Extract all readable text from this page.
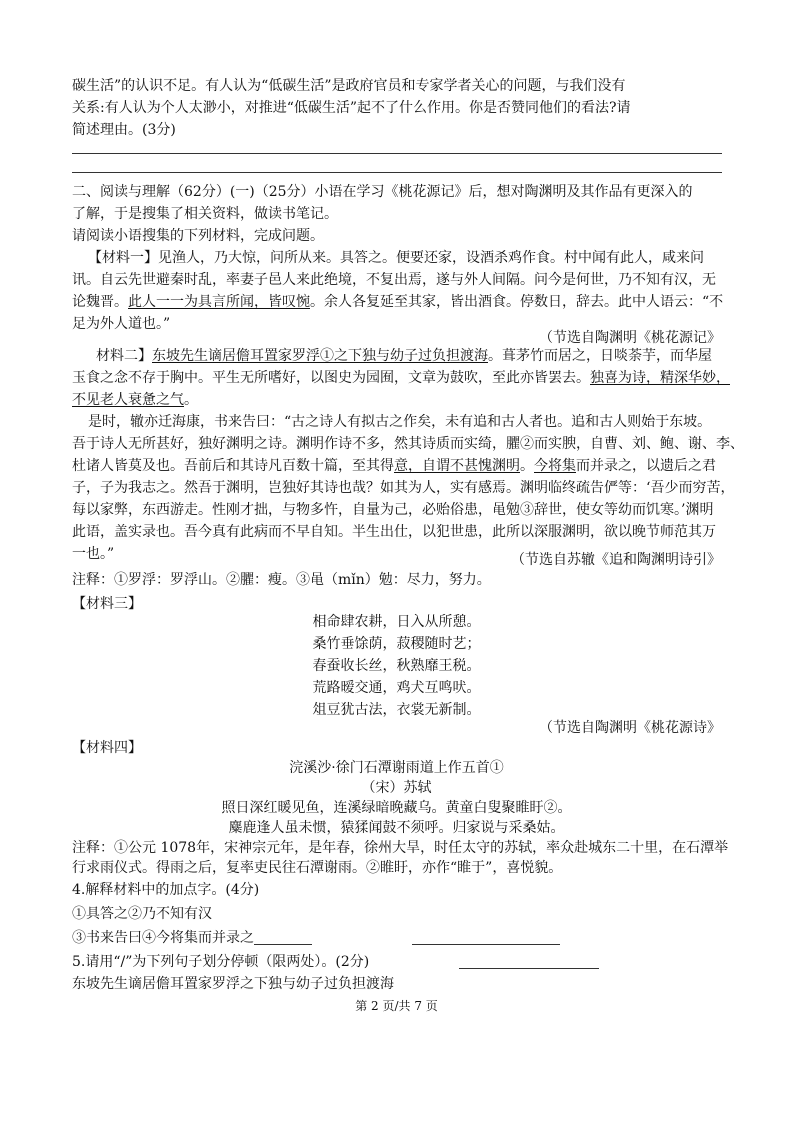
碳生活”的认识不足。有人认为“低碳生活”是政府官员和专家学者关心的问题，与我们没有
关系:有人认为个人太渺小，对推进“低碳生活”起不了什么作用。你是否赞同他们的看法?请
简述理由。(3分)
二、阅读与理解（62分）(一)（25分）小语在学习《桃花源记》后，想对陶渊明及其作品有更深入的
了解，于是搜集了相关资料，做读书笔记。
请阅读小语搜集的下列材料，完成问题。
【材料一】见渔人，乃大惊，问所从来。具答之。便要还家，设酒杀鸡作食。村中闻有此人，咸来问
讯。自云先世避秦时乱，率妻子邑人来此绝境，不复出焉，遂与外人间隔。问今是何世，乃不知有汉，无
论魏晋。此人一一为具言所闻，皆叹惋。余人各复延至其家，皆出酒食。停数日，辞去。此中人语云：“不
足为外人道也。”
（节选自陶渊明《桃花源记》
材料二】东坡先生谪居儋耳置家罗浮①之下独与幼子过负担渡海。葺茅竹而居之，日啖荼芋，而华屋
玉食之念不存于胸中。平生无所嗜好，以图史为园囿，文章为鼓吹，至此亦皆罢去。独喜为诗，精深华妙，
不见老人衰惫之气。
是时，辙亦迁海康，书来告曰：“古之诗人有拟古之作矣，未有追和古人者也。追和古人则始于东坡。
吾于诗人无所甚好，独好渊明之诗。渊明作诗不多，然其诗质而实绮，臞②而实腴，自曹、刘、鲍、谢、李、
杜诸人皆莫及也。吾前后和其诗凡百数十篇，至其得意，自谓不甚愧渊明。今将集而并录之，以遗后之君
子，子为我志之。然吾于渊明，岂独好其诗也哉？如其为人，实有感焉。渊明临终疏告俨等：‘吾少而穷苦，
每以家弊，东西游走。性刚才拙，与物多忤，自量为己，必贻俗患，黾勉③辞世，使女等幼而饥寒。’渊明
此语，盖实录也。吾今真有此病而不早自知。半生出仕，以犯世患，此所以深服渊明，欲以晚节师范其万
一也。”	（节选自苏辙《追和陶渊明诗引》
注释：①罗浮：罗浮山。②臞：瘦。③黾（mǐn）勉：尽力，努力。
【材料三】
相命肆农耕，日入从所憩。
桑竹垂馀荫，菽稷随时艺；
春蚕收长丝，秋熟靡王税。
荒路暧交通，鸡犬互鸣吠。
俎豆犹古法，衣裳无新制。
（节选自陶渊明《桃花源诗》
【材料四】
浣溪沙·徐门石潭谢雨道上作五首①
（宋）苏轼
照日深红暖见鱼，连溪绿暗晚藏乌。黄童白叟聚睢盱②。
麋鹿逢人虽未惯，猿猱闻鼓不须呼。归家说与采桑姑。
注释：①公元 1078年，宋神宗元年，是年春，徐州大旱，时任太守的苏轼，率众赴城东二十里，在石潭举
行求雨仪式。得雨之后，复率吏民往石潭谢雨。②睢盱，亦作“睢于”，喜悦貌。
4.解释材料中的加点字。(4分)
①具答之②乃不知有汉
③书来告曰④今将集而并录之
5.请用“/”为下列句子划分停顿（限两处）。(2分)
东坡先生谪居儋耳置家罗浮之下独与幼子过负担渡海
第 2 页/共 7 页
